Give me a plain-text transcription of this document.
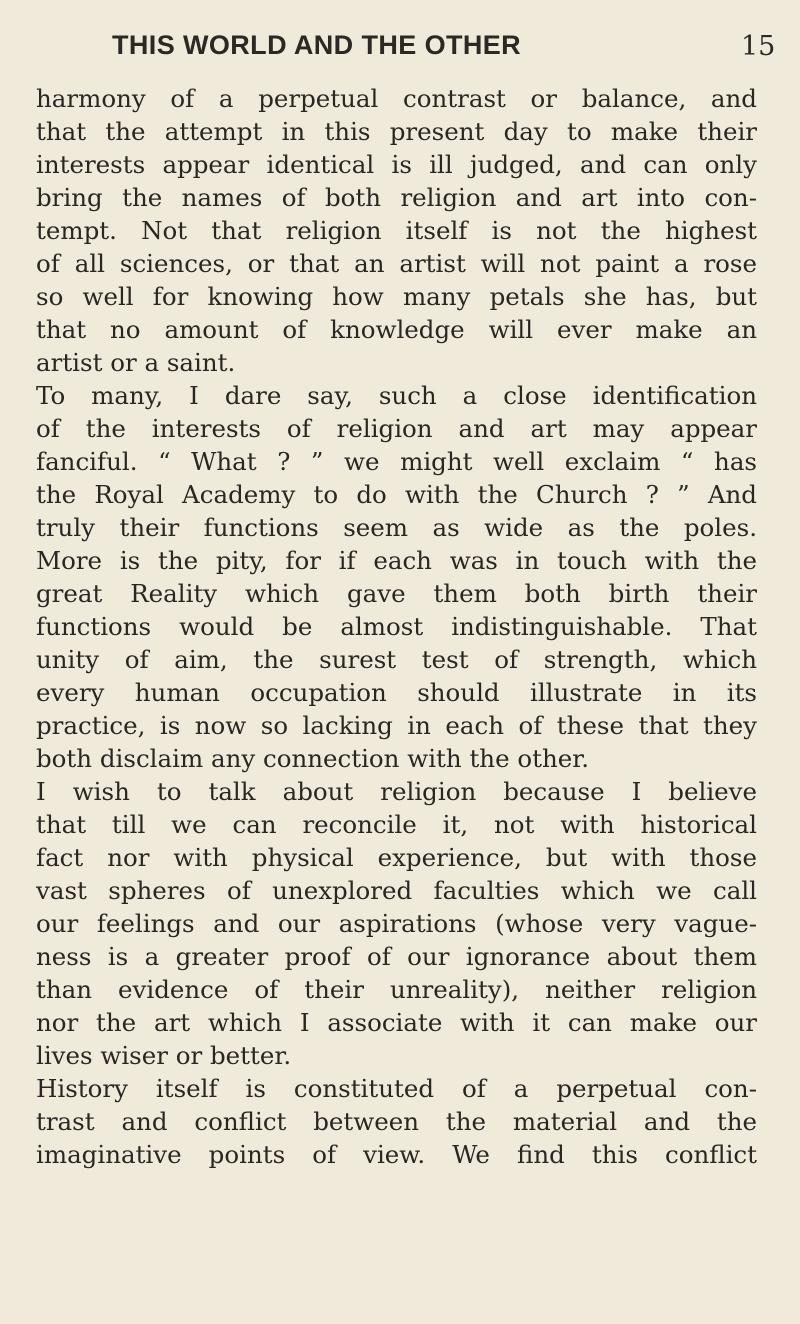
THIS WORLD AND THE OTHER	15
harmony of a perpetual contrast or balance, and
that the attempt in this present day to make their
interests appear identical is ill judged, and can only
bring the names of both religion and art into con-
tempt. Not that religion itself is not the highest
of all sciences, or that an artist will not paint a rose
so well for knowing how many petals she has, but
that no amount of knowledge will ever make an
artist or a saint.
To many, I dare say, such a close identification
of the interests of religion and art may appear
fanciful. “ What ? ” we might well exclaim “ has
the Royal Academy to do with the Church ? ” And
truly their functions seem as wide as the poles.
More is the pity, for if each was in touch with the
great Reality which gave them both birth their
functions would be almost indistinguishable. That
unity of aim, the surest test of strength, which
every human occupation should illustrate in its
practice, is now so lacking in each of these that they
both disclaim any connection with the other.
I wish to talk about religion because I believe
that till we can reconcile it, not with historical
fact nor with physical experience, but with those
vast spheres of unexplored faculties which we call
our feelings and our aspirations (whose very vague-
ness is a greater proof of our ignorance about them
than evidence of their unreality), neither religion
nor the art which I associate with it can make our
lives wiser or better.
History itself is constituted of a perpetual con-
trast and conflict between the material and the
imaginative points of view. We find this conflict
